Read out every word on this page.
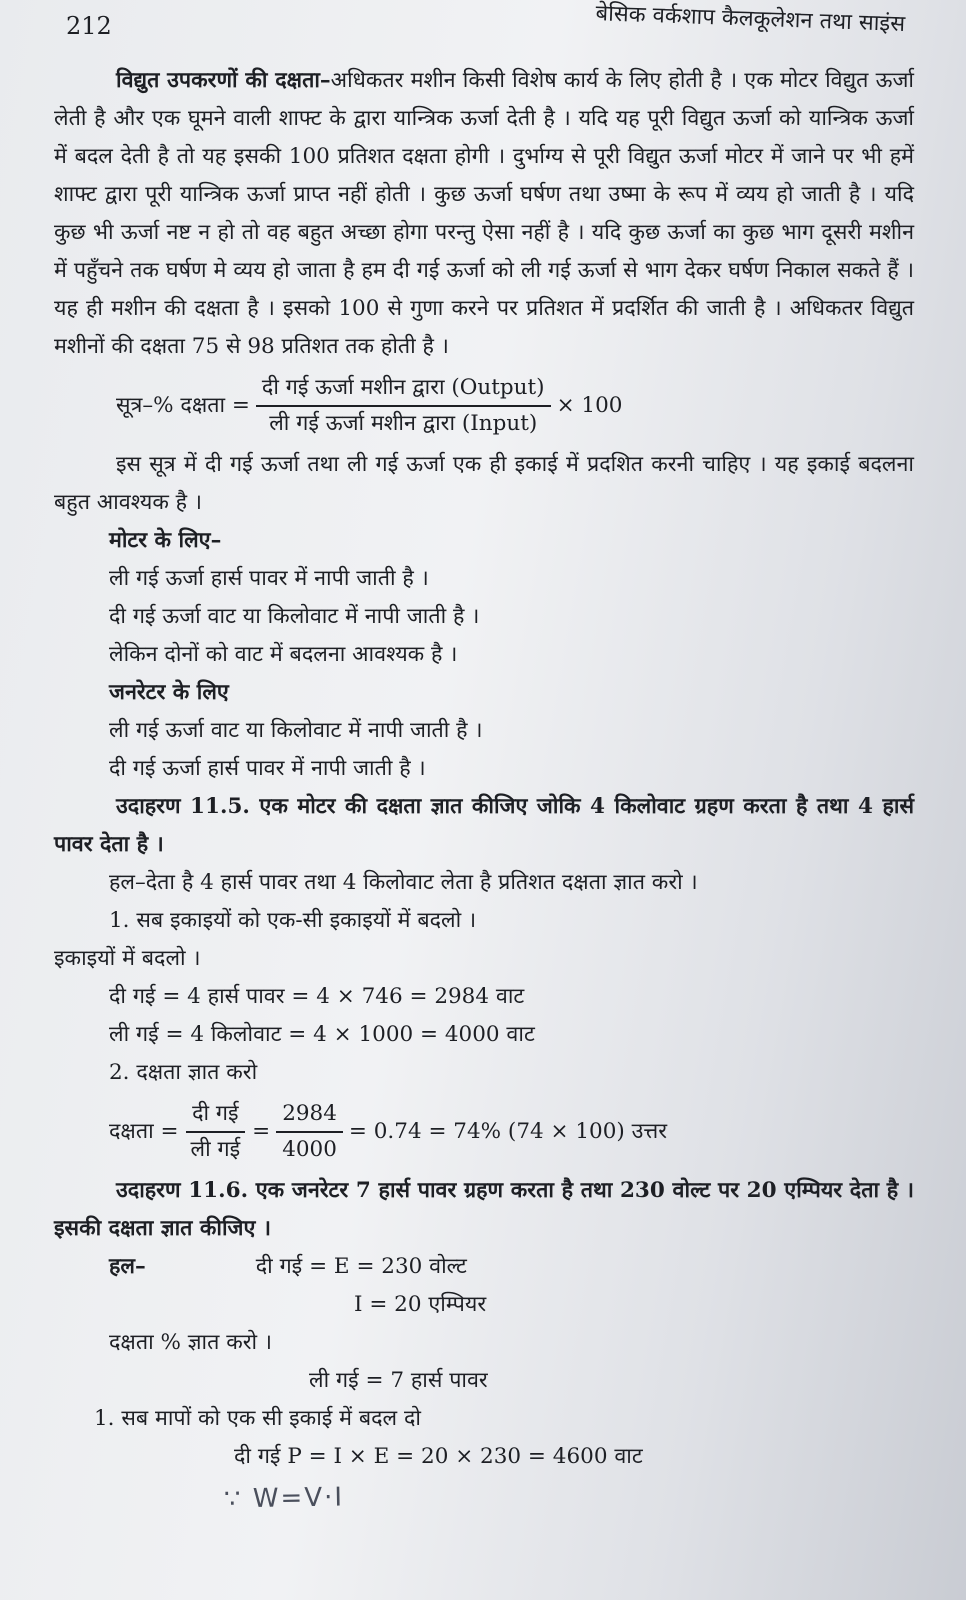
212	बेसिक वर्कशाप कैलकूलेशन तथा साइंस

विद्युत उपकरणों की दक्षता–अधिकतर मशीन किसी विशेष कार्य के लिए होती है । एक मोटर विद्युत ऊर्जा लेती है और एक घूमने वाली शाफ्ट के द्वारा यान्त्रिक ऊर्जा देती है । यदि यह पूरी विद्युत ऊर्जा को यान्त्रिक ऊर्जा में बदल देती है तो यह इसकी 100 प्रतिशत दक्षता होगी । दुर्भाग्य से पूरी विद्युत ऊर्जा मोटर में जाने पर भी हमें शाफ्ट द्वारा पूरी यान्त्रिक ऊर्जा प्राप्त नहीं होती । कुछ ऊर्जा घर्षण तथा उष्मा के रूप में व्यय हो जाती है । यदि कुछ भी ऊर्जा नष्ट न हो तो वह बहुत अच्छा होगा परन्तु ऐसा नहीं है । यदि कुछ ऊर्जा का कुछ भाग दूसरी मशीन में पहुँचने तक घर्षण मे व्यय हो जाता है हम दी गई ऊर्जा को ली गई ऊर्जा से भाग देकर घर्षण निकाल सकते हैं । यह ही मशीन की दक्षता है । इसको 100 से गुणा करने पर प्रतिशत में प्रदर्शित की जाती है । अधिकतर विद्युत मशीनों की दक्षता 75 से 98 प्रतिशत तक होती है ।

सूत्र–% दक्षता = $\frac{\text{दी गई ऊर्जा मशीन द्वारा (Output)}}{\text{ली गई ऊर्जा मशीन द्वारा (Input)}} \times 100$

इस सूत्र में दी गई ऊर्जा तथा ली गई ऊर्जा एक ही इकाई में प्रदशित करनी चाहिए । यह इकाई बदलना बहुत आवश्यक है ।

मोटर के लिए–

ली गई ऊर्जा हार्स पावर में नापी जाती है ।

दी गई ऊर्जा वाट या किलोवाट में नापी जाती है ।

लेकिन दोनों को वाट में बदलना आवश्यक है ।

जनरेटर के लिए

ली गई ऊर्जा वाट या किलोवाट में नापी जाती है ।

दी गई ऊर्जा हार्स पावर में नापी जाती है ।

उदाहरण 11.5. एक मोटर की दक्षता ज्ञात कीजिए जोकि 4 किलोवाट ग्रहण करता है तथा 4 हार्स पावर देता है ।

हल–देता है 4 हार्स पावर तथा 4 किलोवाट लेता है प्रतिशत दक्षता ज्ञात करो ।

1. सब इकाइयों को एक-सी इकाइयों में बदलो ।

इकाइयों में बदलो ।

दी गई = 4 हार्स पावर = 4 × 746 = 2984 वाट

ली गई = 4 किलोवाट = 4 × 1000 = 4000 वाट

2. दक्षता ज्ञात करो

दक्षता = $\frac{\text{दी गई}}{\text{ली गई}} = \frac{2984}{4000} = 0.74 = 74\%$ (74 × 100) उत्तर

उदाहरण 11.6. एक जनरेटर 7 हार्स पावर ग्रहण करता है तथा 230 वोल्ट पर 20 एम्पियर देता है । इसकी दक्षता ज्ञात कीजिए ।

हल–	दी गई = E = 230 वोल्ट

I = 20 एम्पियर

दक्षता % ज्ञात करो ।

ली गई = 7 हार्स पावर

1. सब मापों को एक सी इकाई में बदल दो

दी गई P = I × E = 20 × 230 = 4600 वाट

∵ W=V·I
